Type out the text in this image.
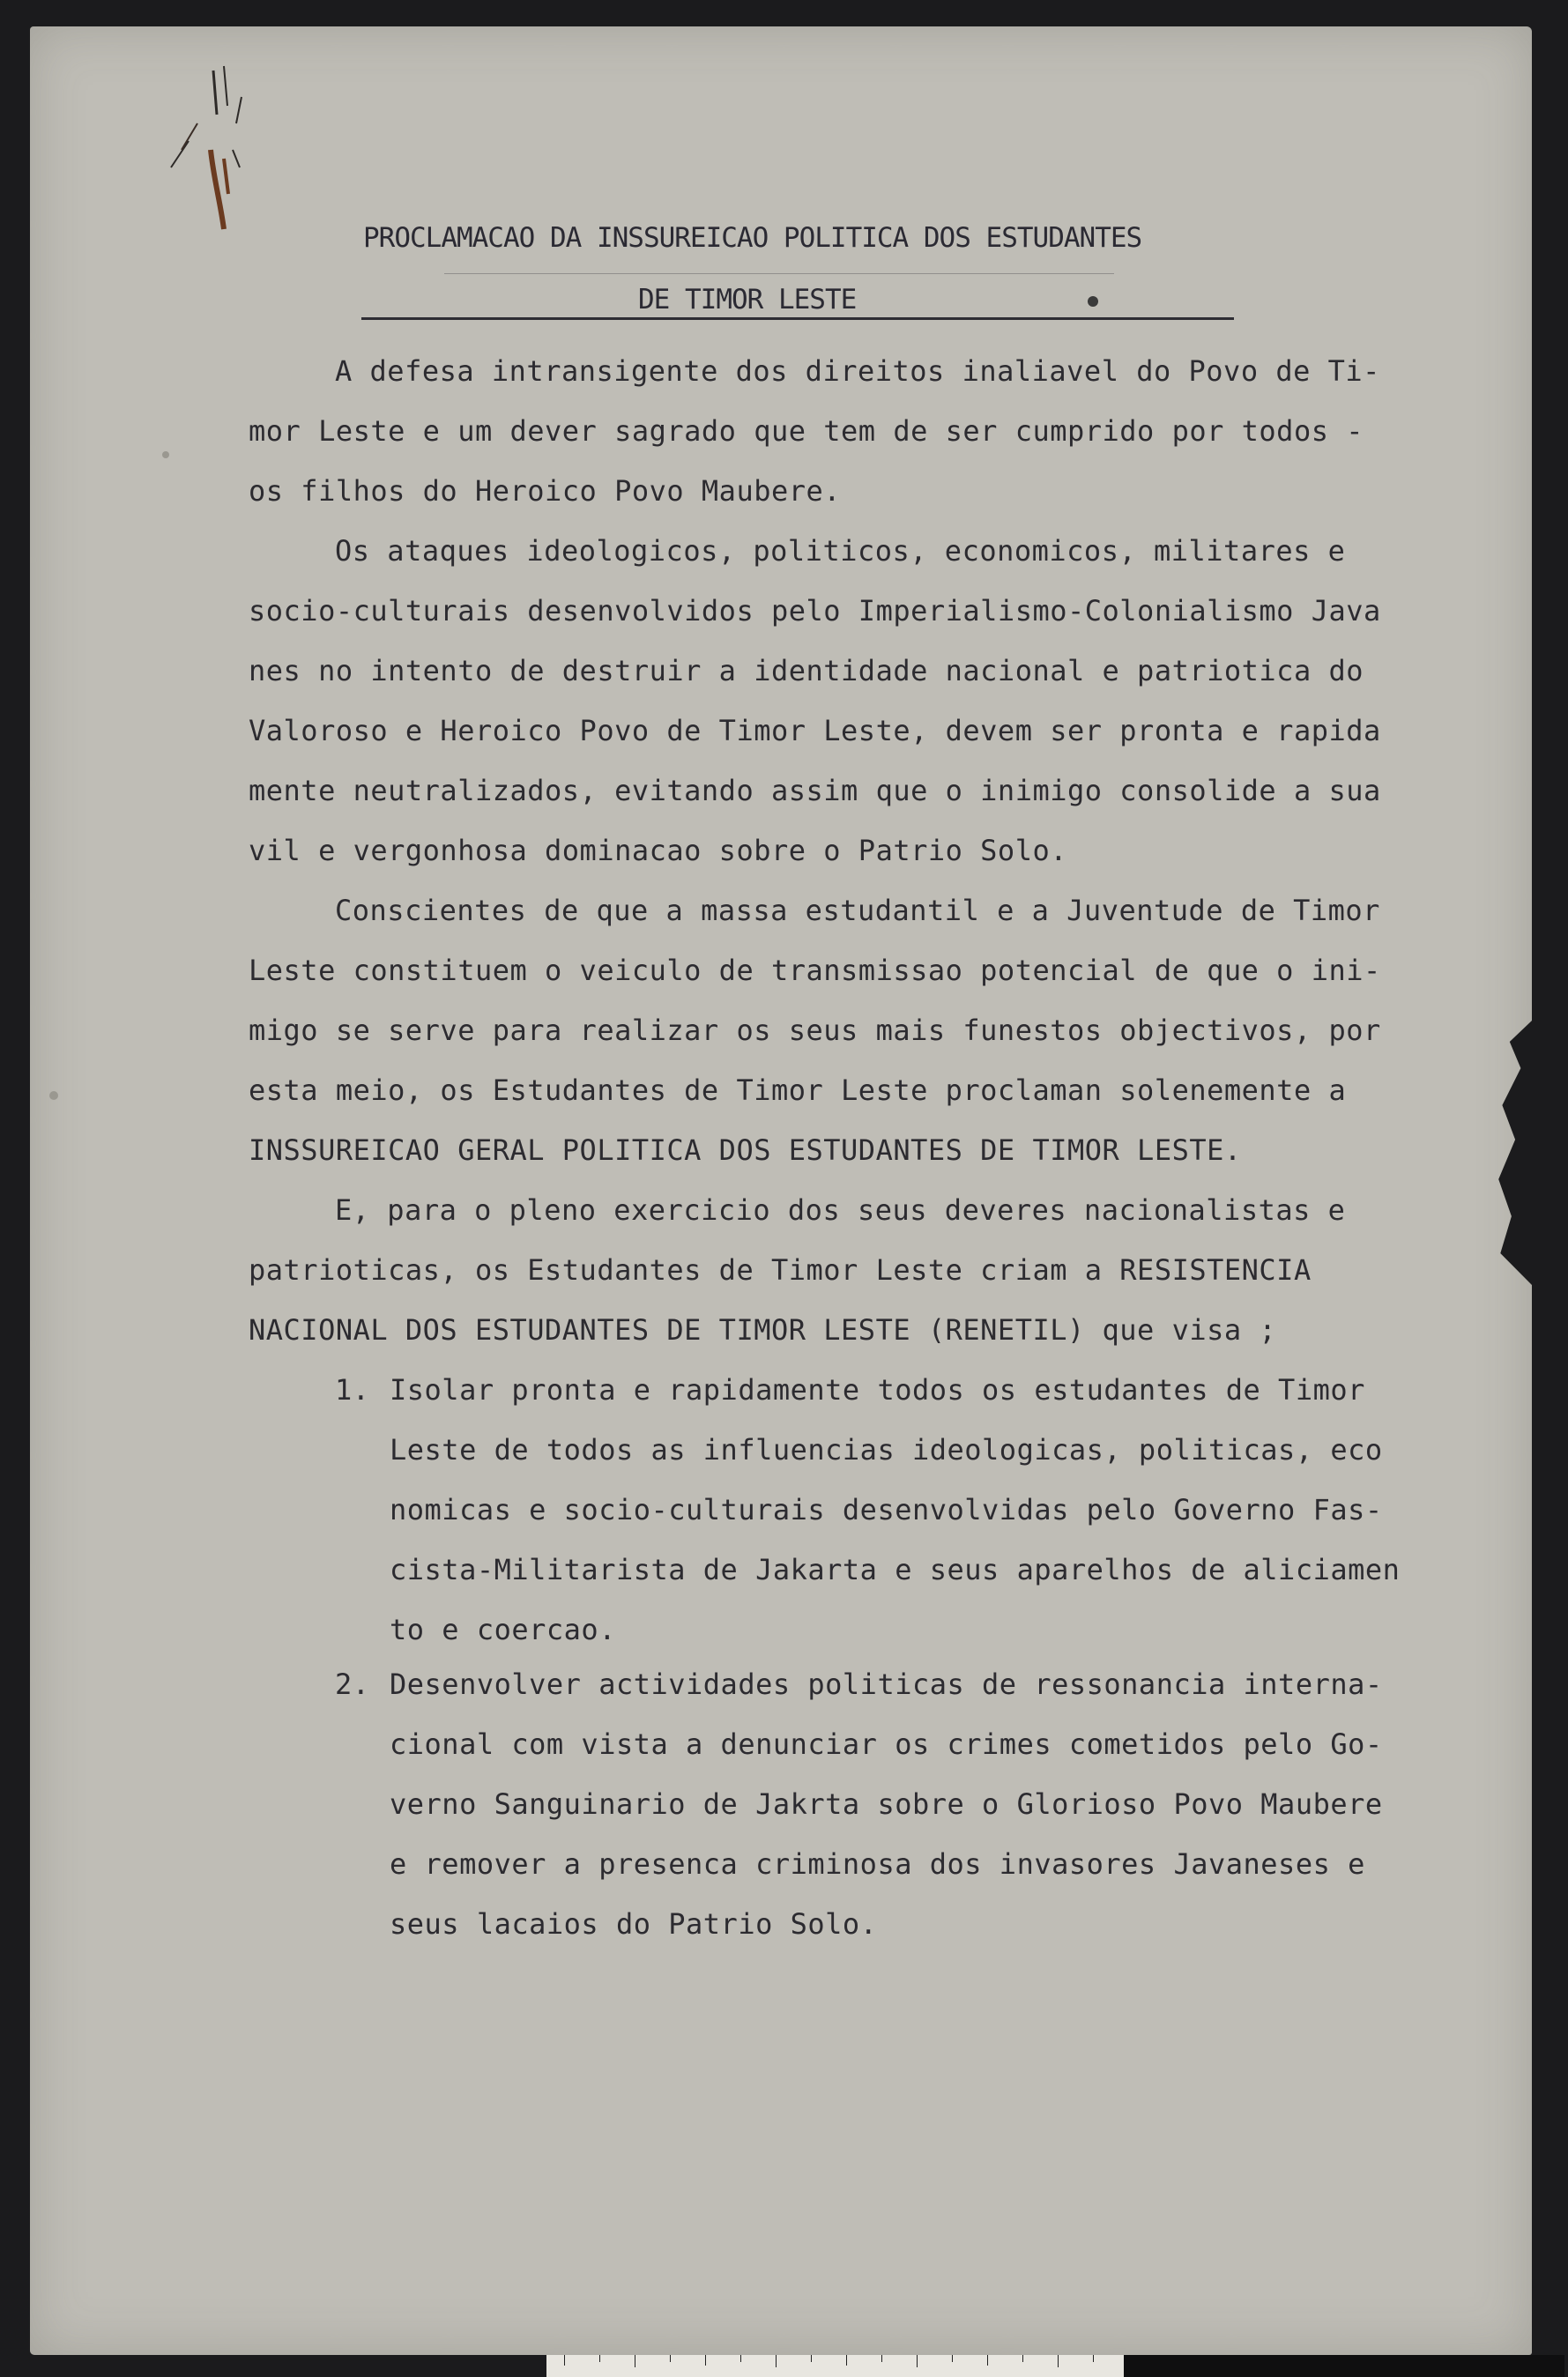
PROCLAMACAO DA INSSUREICAO POLITICA DOS ESTUDANTES
DE TIMOR LESTE
A defesa intransigente dos direitos inaliavel do Povo de Ti-
mor Leste e um dever sagrado que tem de ser cumprido por todos -
os filhos do Heroico Povo Maubere.
Os ataques ideologicos, politicos, economicos, militares e
socio-culturais desenvolvidos pelo Imperialismo-Colonialismo Java
nes no intento de destruir a identidade nacional e patriotica do
Valoroso e Heroico Povo de Timor Leste, devem ser pronta e rapida
mente neutralizados, evitando assim que o inimigo consolide a sua
vil e vergonhosa dominacao sobre o Patrio Solo.
Conscientes de que a massa estudantil e a Juventude de Timor
Leste constituem o veiculo de transmissao potencial de que o ini-
migo se serve para realizar os seus mais funestos objectivos, por
esta meio, os Estudantes de Timor Leste proclaman solenemente a
INSSUREICAO GERAL POLITICA DOS ESTUDANTES DE TIMOR LESTE.
E, para o pleno exercicio dos seus deveres nacionalistas e
patrioticas, os Estudantes de Timor Leste criam a RESISTENCIA
NACIONAL DOS ESTUDANTES DE TIMOR LESTE (RENETIL) que visa ;
1. Isolar pronta e rapidamente todos os estudantes de Timor
Leste de todos as influencias ideologicas, politicas, eco
nomicas e socio-culturais desenvolvidas pelo Governo Fas-
cista-Militarista de Jakarta e seus aparelhos de aliciamen
to e coercao.
2. Desenvolver actividades politicas de ressonancia interna-
cional com vista a denunciar os crimes cometidos pelo Go-
verno Sanguinario de Jakrta sobre o Glorioso Povo Maubere
e remover a presenca criminosa dos invasores Javaneses e
seus lacaios do Patrio Solo.
